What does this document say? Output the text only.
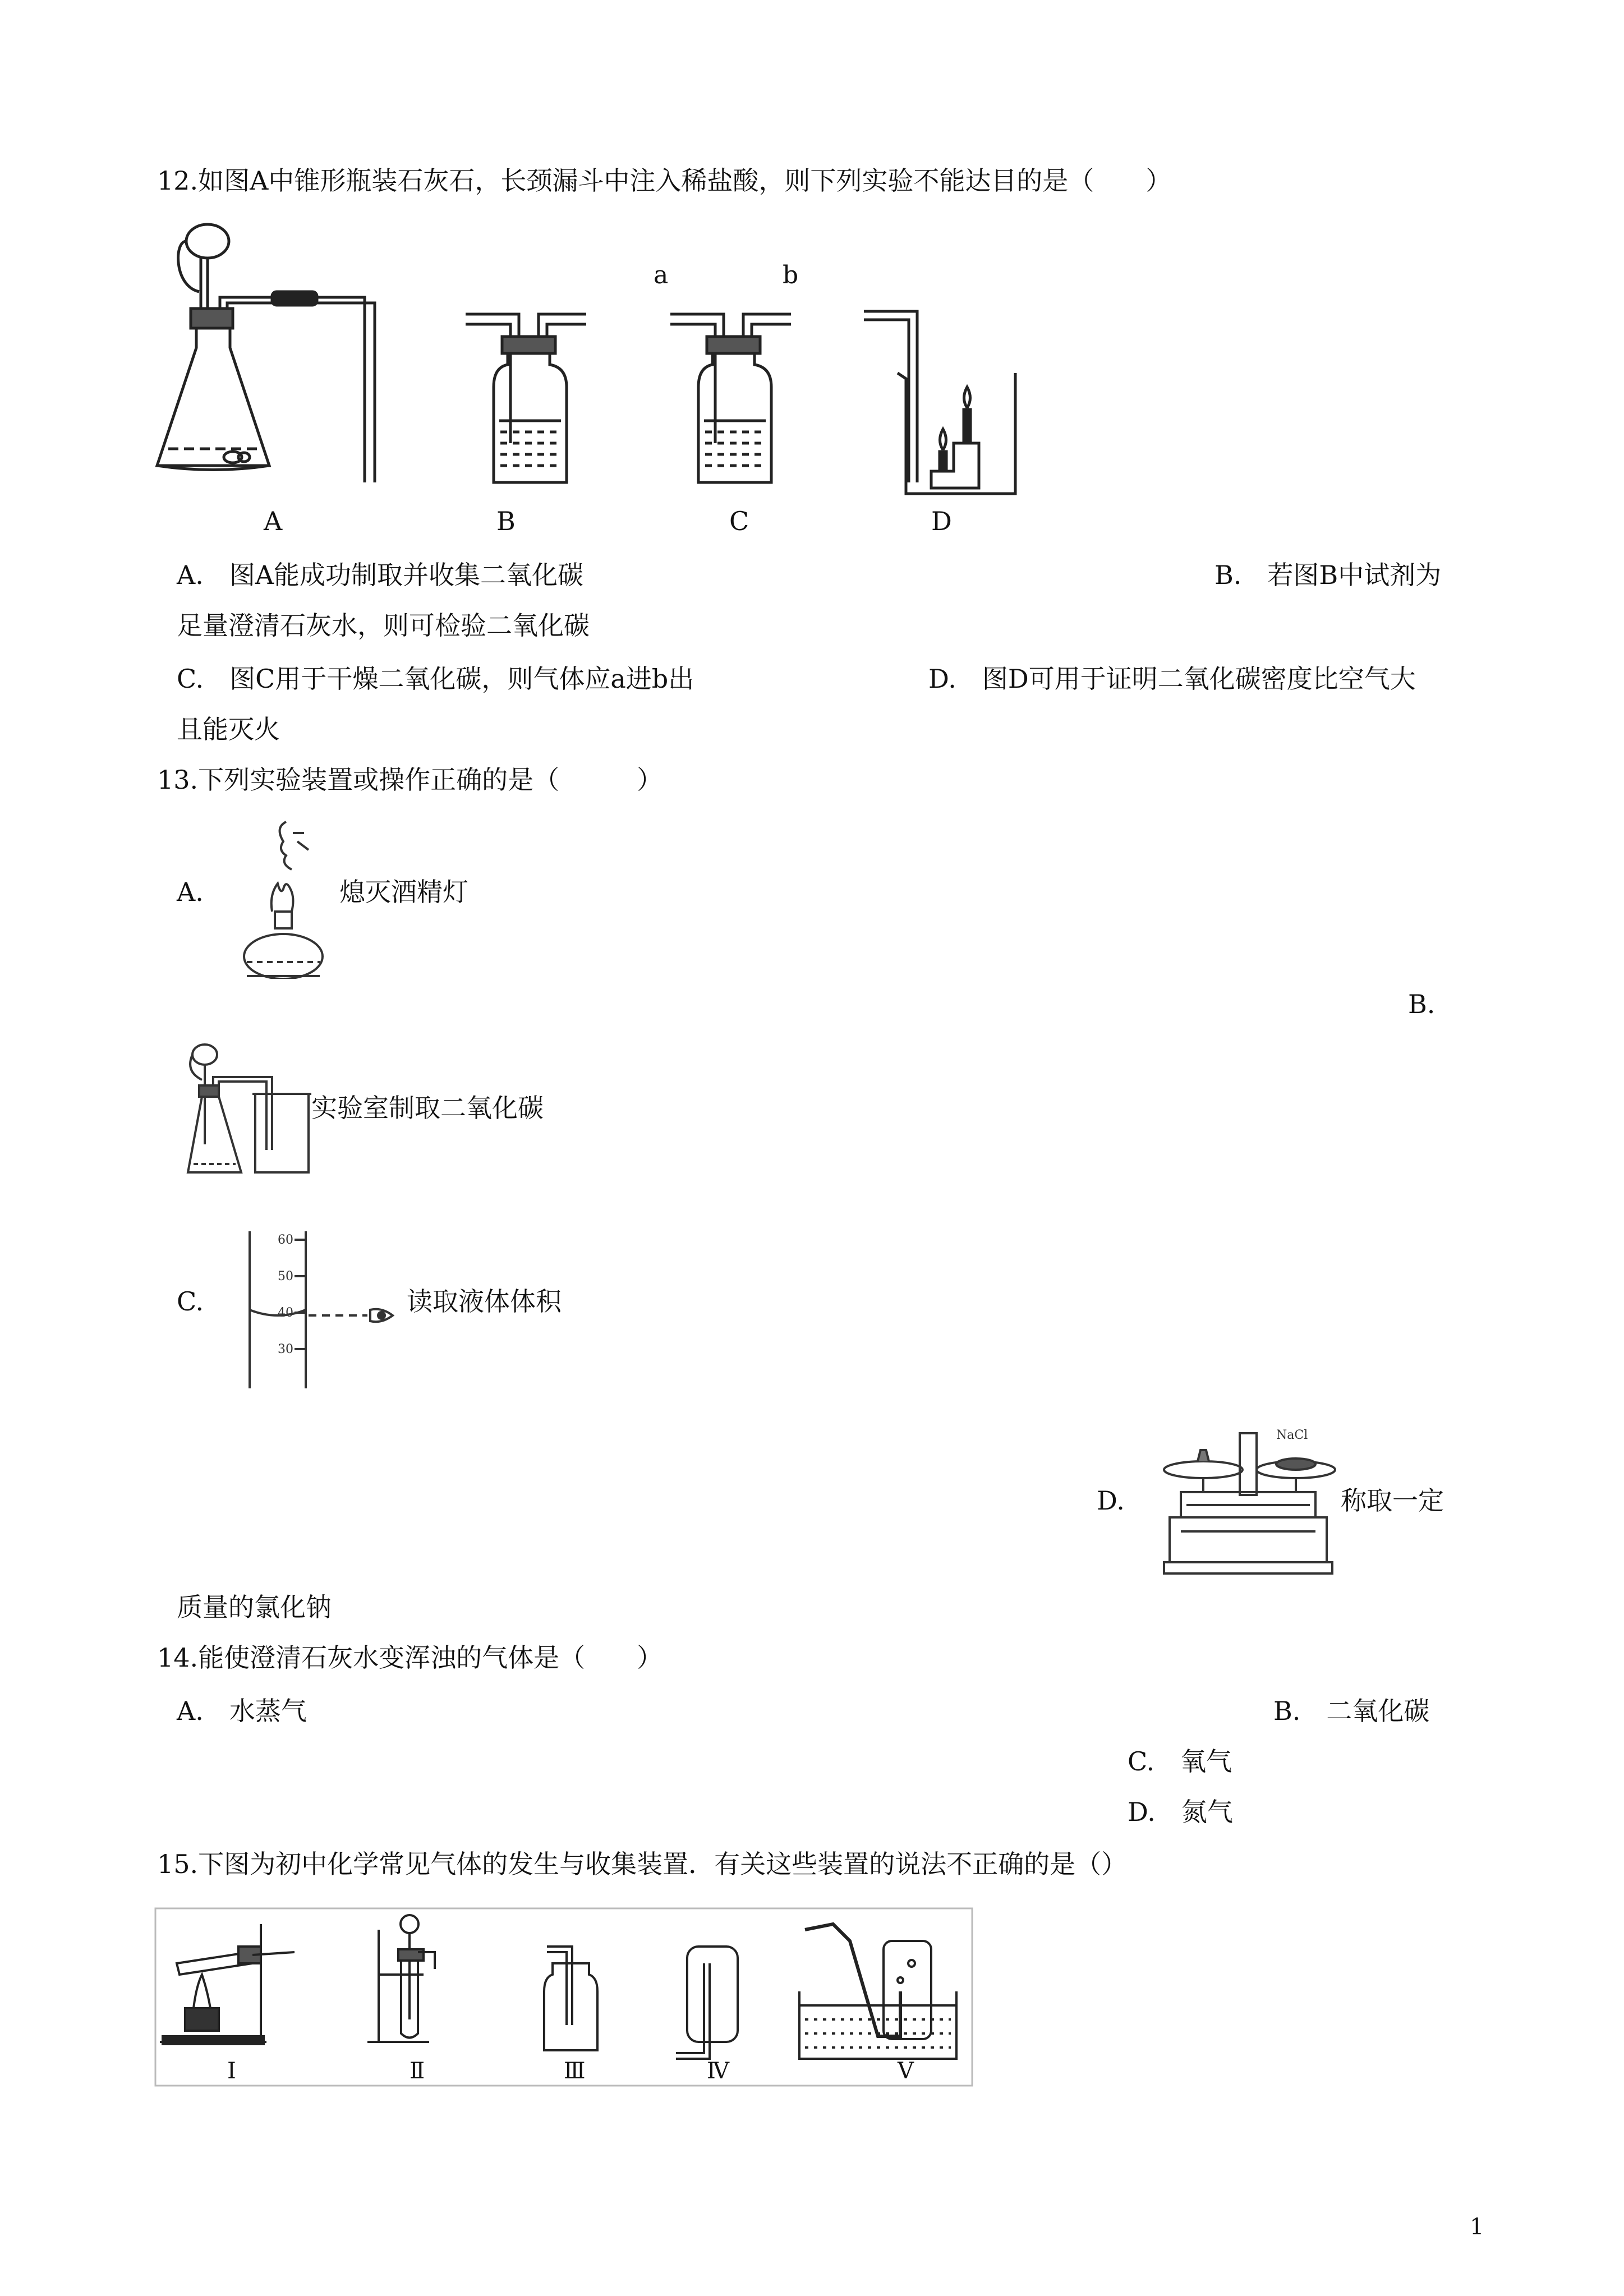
12.如图A中锥形瓶装石灰石，长颈漏斗中注入稀盐酸，则下列实验不能达目的是（　　）
A	B
a	b
C	D
A.　图A能成功制取并收集二氧化碳	B.　若图B中试剂为
足量澄清石灰水，则可检验二氧化碳
C.　图C用于干燥二氧化碳，则气体应a进b出	D.　图D可用于证明二氧化碳密度比空气大
且能灭火
13.下列实验装置或操作正确的是（　　　）
A.	熄灭酒精灯
B.
实验室制取二氧化碳
C.
60
50
40
30
读取液体体积
D.
NaCl
称取一定
质量的氯化钠
14.能使澄清石灰水变浑浊的气体是（　　）
A.　水蒸气	B.　二氧化碳
C.　氧气
D.　氮气
15.下图为初中化学常见气体的发生与收集装置．有关这些装置的说法不正确的是（）
Ⅰ	Ⅱ	Ⅲ	Ⅳ	Ⅴ
1
